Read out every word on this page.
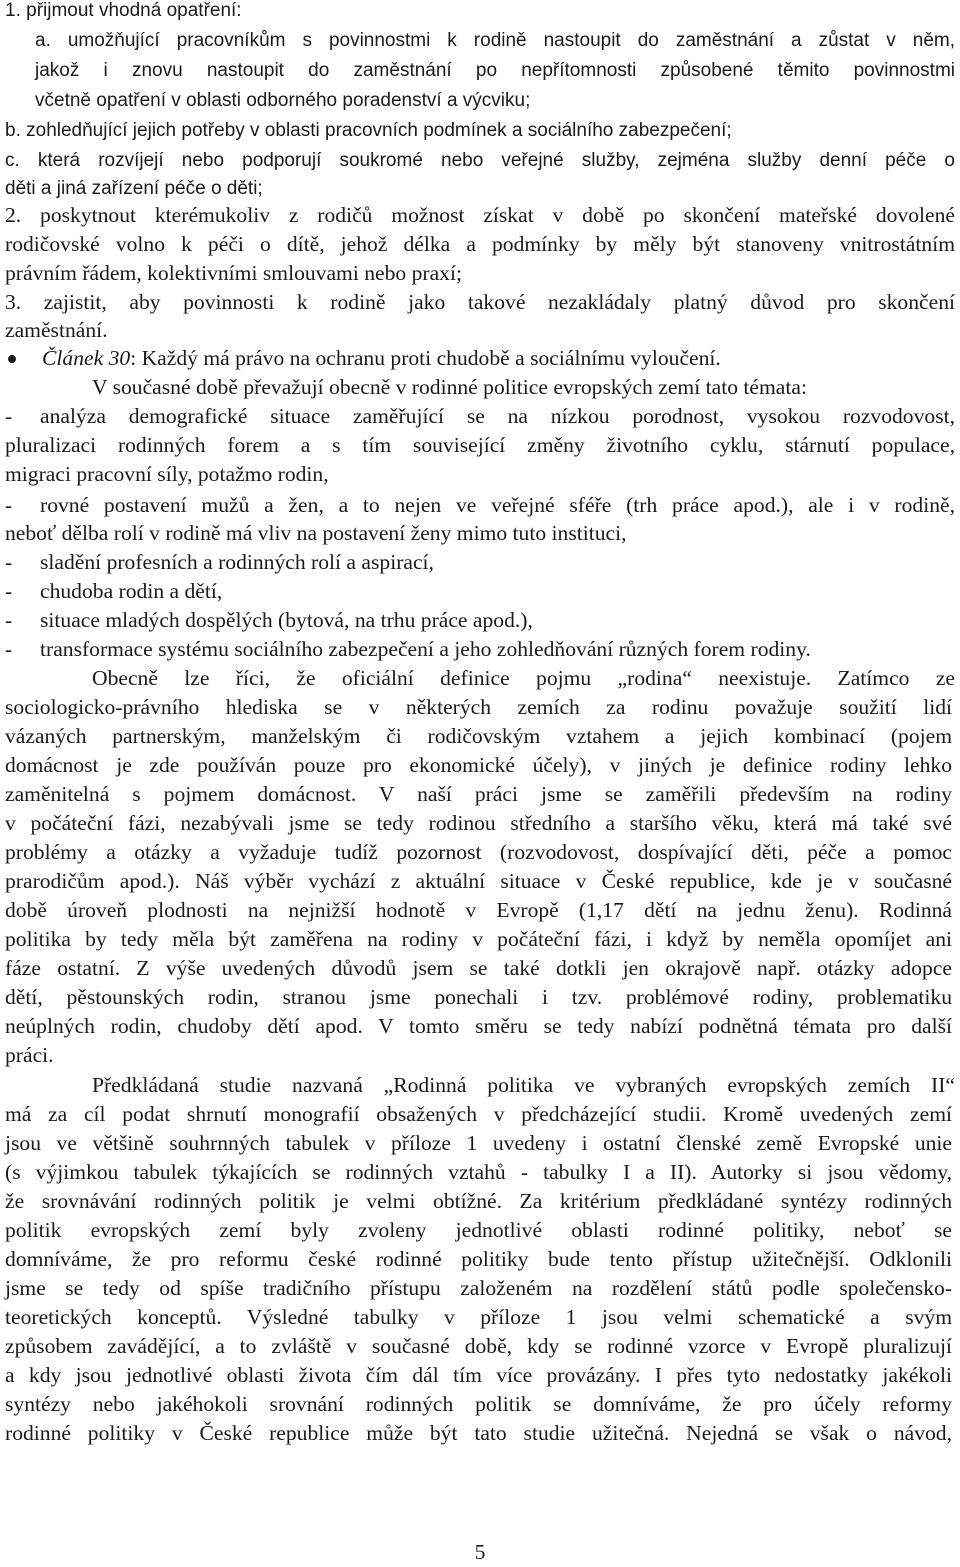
1. přijmout vhodná opatření:

a. umožňující pracovníkům s povinnostmi k rodině nastoupit do zaměstnání a zůstat v něm,

jakož i znovu nastoupit do zaměstnání po nepřítomnosti způsobené těmito povinnostmi

včetně opatření v oblasti odborného poradenství a výcviku;

b. zohledňující jejich potřeby v oblasti pracovních podmínek a sociálního zabezpečení;

c. která rozvíjejí nebo podporují soukromé nebo veřejné služby, zejména služby denní péče o

děti a jiná zařízení péče o děti;

2. poskytnout kterémukoliv z rodičů možnost získat v době po skončení mateřské dovolené

rodičovské volno k péči o dítě, jehož délka a podmínky by měly být stanoveny vnitrostátním

právním řádem, kolektivními smlouvami nebo praxí;

3. zajistit, aby povinnosti k rodině jako takové nezakládaly platný důvod pro skončení

zaměstnání.

Článek 30: Každý má právo na ochranu proti chudobě a sociálnímu vyloučení.

V současné době převažují obecně v rodinné politice evropských zemí tato témata:

-	analýza demografické situace zaměřující se na nízkou porodnost, vysokou rozvodovost,

pluralizaci rodinných forem a s tím související změny životního cyklu, stárnutí populace,

migraci pracovní síly, potažmo rodin,

-	rovné postavení mužů a žen, a to nejen ve veřejné sféře (trh práce apod.), ale i v rodině,

neboť dělba rolí v rodině má vliv na postavení ženy mimo tuto instituci,

-	sladění profesních a rodinných rolí a aspirací,

-	chudoba rodin a dětí,

-	situace mladých dospělých (bytová, na trhu práce apod.),

-	transformace systému sociálního zabezpečení a jeho zohledňování různých forem rodiny.

Obecně lze říci, že oficiální definice pojmu „rodina“ neexistuje. Zatímco ze

sociologicko-právního hlediska se v některých zemích za rodinu považuje soužití lidí

vázaných partnerským, manželským či rodičovským vztahem a jejich kombinací (pojem

domácnost je zde používán pouze pro ekonomické účely), v jiných je definice rodiny lehko

zaměnitelná s pojmem domácnost. V naší práci jsme se zaměřili především na rodiny

v počáteční fázi, nezabývali jsme se tedy rodinou středního a staršího věku, která má také své

problémy a otázky a vyžaduje tudíž pozornost (rozvodovost, dospívající děti, péče a pomoc

prarodičům apod.). Náš výběr vychází z aktuální situace v České republice, kde je v současné

době úroveň plodnosti na nejnižší hodnotě v Evropě (1,17 dětí na jednu ženu). Rodinná

politika by tedy měla být zaměřena na rodiny v počáteční fázi, i když by neměla opomíjet ani

fáze ostatní. Z výše uvedených důvodů jsem se také dotkli jen okrajově např. otázky adopce

dětí, pěstounských rodin, stranou jsme ponechali i tzv. problémové rodiny, problematiku

neúplných rodin, chudoby dětí apod. V tomto směru se tedy nabízí podnětná témata pro další

práci.

Předkládaná studie nazvaná „Rodinná politika ve vybraných evropských zemích II“

má za cíl podat shrnutí monografií obsažených v předcházející studii. Kromě uvedených zemí

jsou ve většině souhrnných tabulek v příloze 1 uvedeny i ostatní členské země Evropské unie

(s výjimkou tabulek týkajících se rodinných vztahů - tabulky I a II). Autorky si jsou vědomy,

že srovnávání rodinných politik je velmi obtížné. Za kritérium předkládané syntézy rodinných

politik evropských zemí byly zvoleny jednotlivé oblasti rodinné politiky, neboť se

domníváme, že pro reformu české rodinné politiky bude tento přístup užitečnější. Odklonili

jsme se tedy od spíše tradičního přístupu založeném na rozdělení států podle společensko-

teoretických konceptů. Výsledné tabulky v příloze 1 jsou velmi schematické a svým

způsobem zavádějící, a to zvláště v současné době, kdy se rodinné vzorce v Evropě pluralizují

a kdy jsou jednotlivé oblasti života čím dál tím více provázány. I přes tyto nedostatky jakékoli

syntézy nebo jakéhokoli srovnání rodinných politik se domníváme, že pro účely reformy

rodinné politiky v České republice může být tato studie užitečná. Nejedná se však o návod,

5
